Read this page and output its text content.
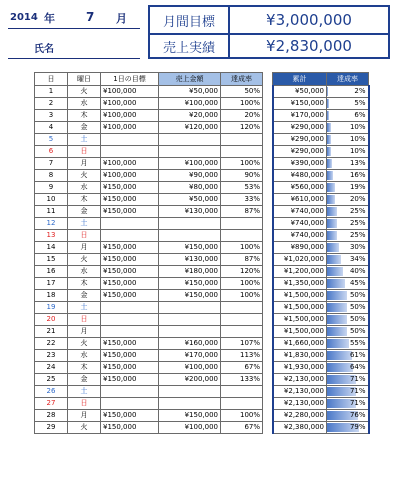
2014 年	7 月
氏名
月間目標	¥3,000,000
売上実績	¥2,830,000
日	曜日	1日の目標	売上金額	達成率		累計	達成率
1	火	¥100,000	¥50,000	50%		¥50,000	2%

2	水	¥100,000	¥100,000	100%		¥150,000	5%

3	木	¥100,000	¥20,000	20%		¥170,000	6%

4	金	¥100,000	¥120,000	120%		¥290,000	10%

5	土					¥290,000	10%

6	日					¥290,000	10%

7	月	¥100,000	¥100,000	100%		¥390,000	13%

8	火	¥100,000	¥90,000	90%		¥480,000	16%

9	水	¥150,000	¥80,000	53%		¥560,000	19%

10	木	¥150,000	¥50,000	33%		¥610,000	20%

11	金	¥150,000	¥130,000	87%		¥740,000	25%

12	土					¥740,000	25%

13	日					¥740,000	25%

14	月	¥150,000	¥150,000	100%		¥890,000	30%

15	火	¥150,000	¥130,000	87%		¥1,020,000	34%

16	水	¥150,000	¥180,000	120%		¥1,200,000	40%

17	木	¥150,000	¥150,000	100%		¥1,350,000	45%

18	金	¥150,000	¥150,000	100%		¥1,500,000	50%

19	土					¥1,500,000	50%

20	日					¥1,500,000	50%

21	月					¥1,500,000	50%

22	火	¥150,000	¥160,000	107%		¥1,660,000	55%

23	水	¥150,000	¥170,000	113%		¥1,830,000	61%

24	木	¥150,000	¥100,000	67%		¥1,930,000	64%

25	金	¥150,000	¥200,000	133%		¥2,130,000	71%

26	土					¥2,130,000	71%

27	日					¥2,130,000	71%

28	月	¥150,000	¥150,000	100%		¥2,280,000	76%

29	火	¥150,000	¥100,000	67%		¥2,380,000	79%
